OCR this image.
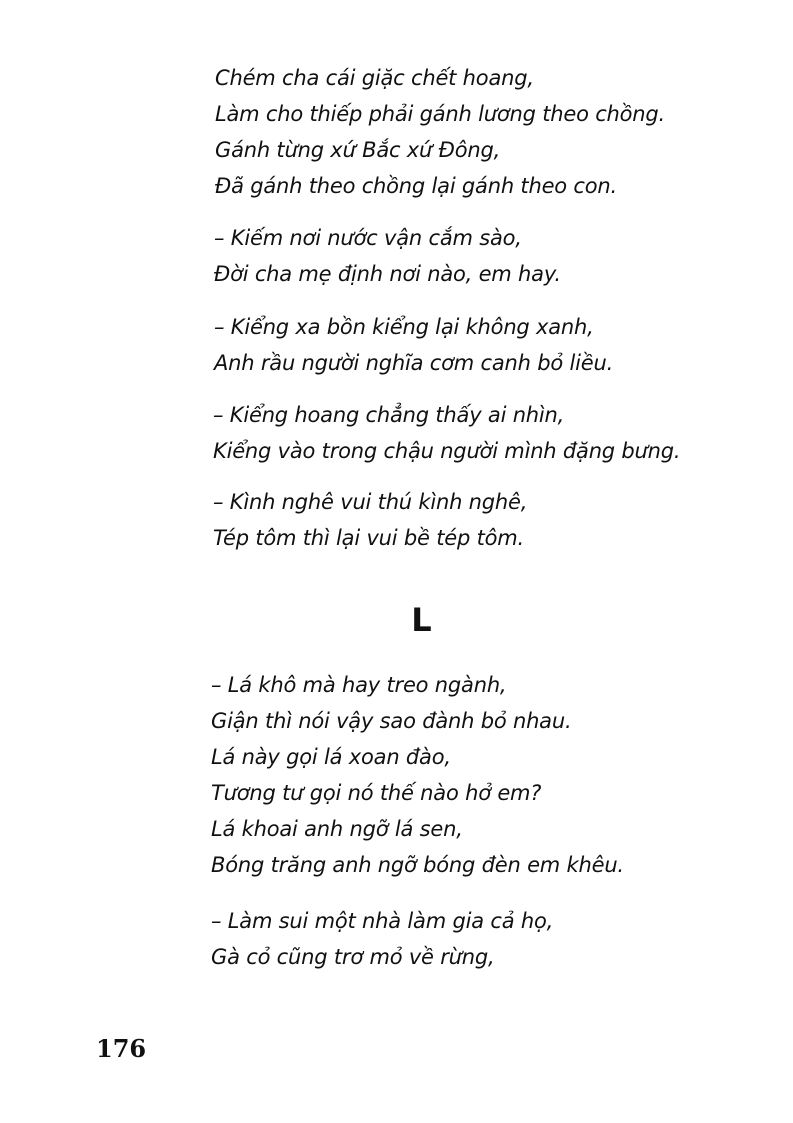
Chém cha cái giặc chết hoang,
Làm cho thiếp phải gánh lương theo chồng.
Gánh từng xứ Bắc xứ Đông,
Đã gánh theo chồng lại gánh theo con.

– Kiếm nơi nước vận cắm sào,
Đời cha mẹ định nơi nào, em hay.

– Kiểng xa bồn kiểng lại không xanh,
Anh rầu người nghĩa cơm canh bỏ liều.

– Kiểng hoang chẳng thấy ai nhìn,
Kiểng vào trong chậu người mình đặng bưng.

– Kình nghê vui thú kình nghê,
Tép tôm thì lại vui bề tép tôm.

L

– Lá khô mà hay treo ngành,
Giận thì nói vậy sao đành bỏ nhau.
Lá này gọi lá xoan đào,
Tương tư gọi nó thế nào hở em?
Lá khoai anh ngỡ lá sen,
Bóng trăng anh ngỡ bóng đèn em khêu.

– Làm sui một nhà làm gia cả họ,
Gà cỏ cũng trơ mỏ về rừng,

176
